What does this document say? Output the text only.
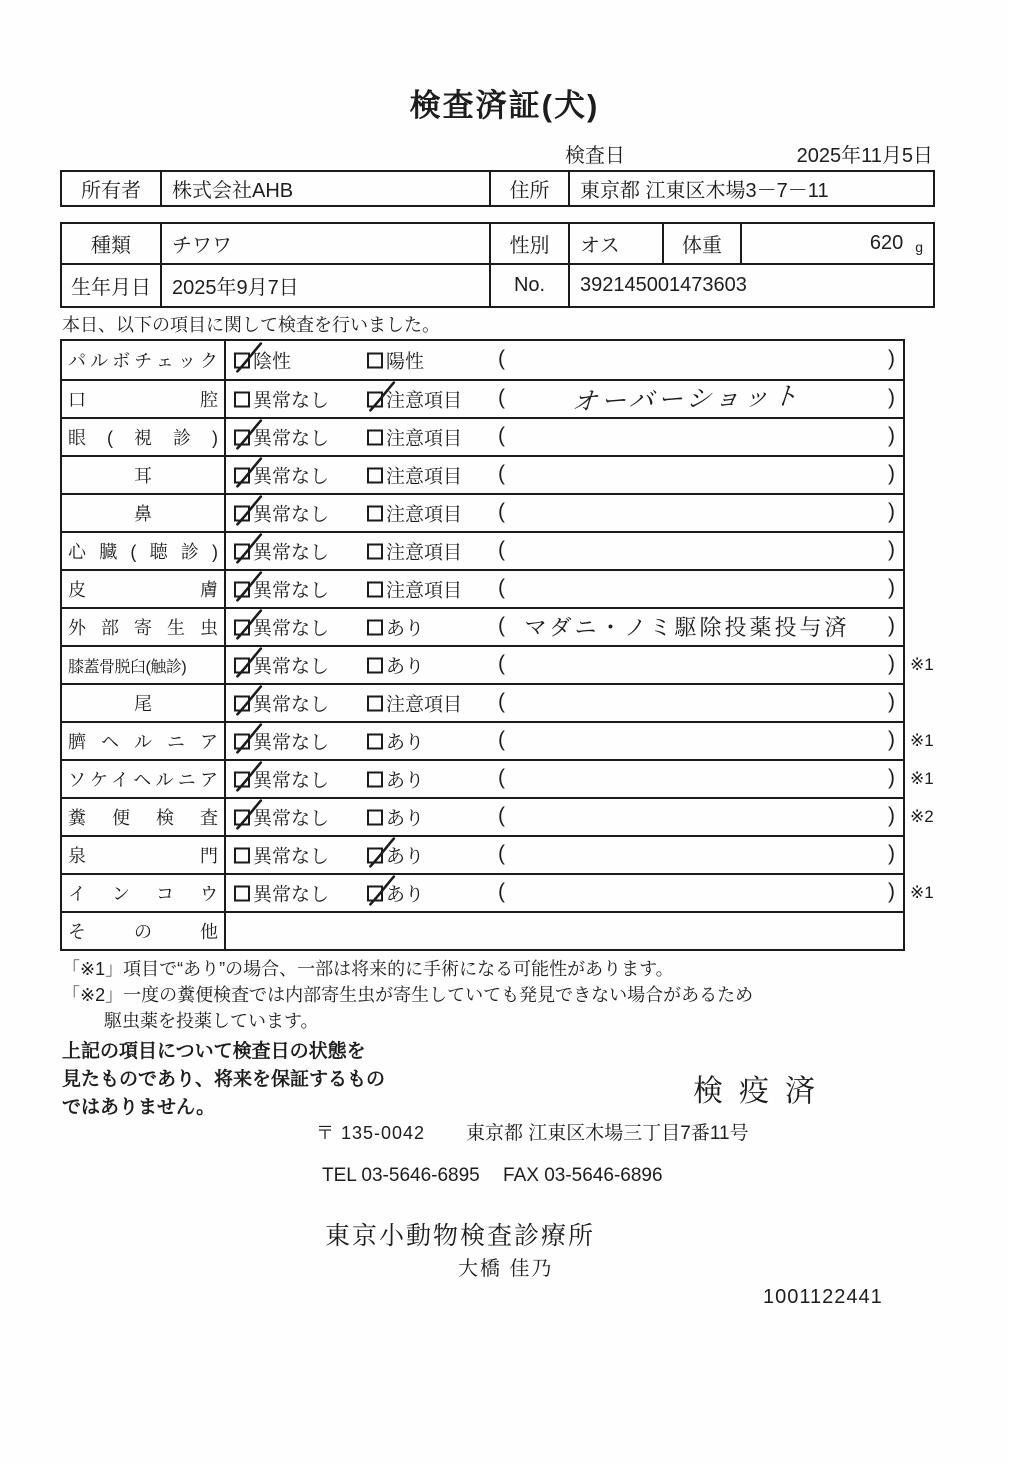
検査済証(犬)
検査日	2025年11月5日
所有者	株式会社AHB	住所	東京都 江東区木場3－7－11
種類	チワワ	性別	オス	体重	620 g
生年月日	2025年9月7日	No.	392145001473603
本日、以下の項目に関して検査を行いました。
パルボチェック 陰性	陽性	(	)
口腔 異常なし	注意項目 (	オーバーショット	)
眼(視診) 異常なし	注意項目 (	)
耳	異常なし	注意項目 (	)
鼻	異常なし	注意項目 (	)
心臓(聴診) 異常なし	注意項目 (	)
皮膚 異常なし	注意項目 (	)
外部寄生虫 異常なし	あり	( マダニ・ノミ駆除投薬投与済	)
膝蓋骨脱臼(触診)	異常なし	あり	(	) ※1
尾	異常なし	注意項目 (	)
臍ヘルニア 異常なし	あり	(	) ※1
ソケイヘルニア 異常なし	あり	(	) ※1
糞便検査 異常なし	あり	(	) ※2
泉門 異常なし	あり	(	)
インコウ 異常なし	あり	(	) ※1
その他
「※1」項目で“あり”の場合、一部は将来的に手術になる可能性があります。
「※2」一度の糞便検査では内部寄生虫が寄生していても発見できない場合があるため
駆虫薬を投薬しています。
上記の項目について検査日の状態を
見たものであり、将来を保証するもの
ではありません。	検疫済
〒 135-0042 東京都 江東区木場三丁目7番11号
TEL 03-5646-6895 FAX 03-5646-6896
東京小動物検査診療所
大橋 佳乃
1001122441
